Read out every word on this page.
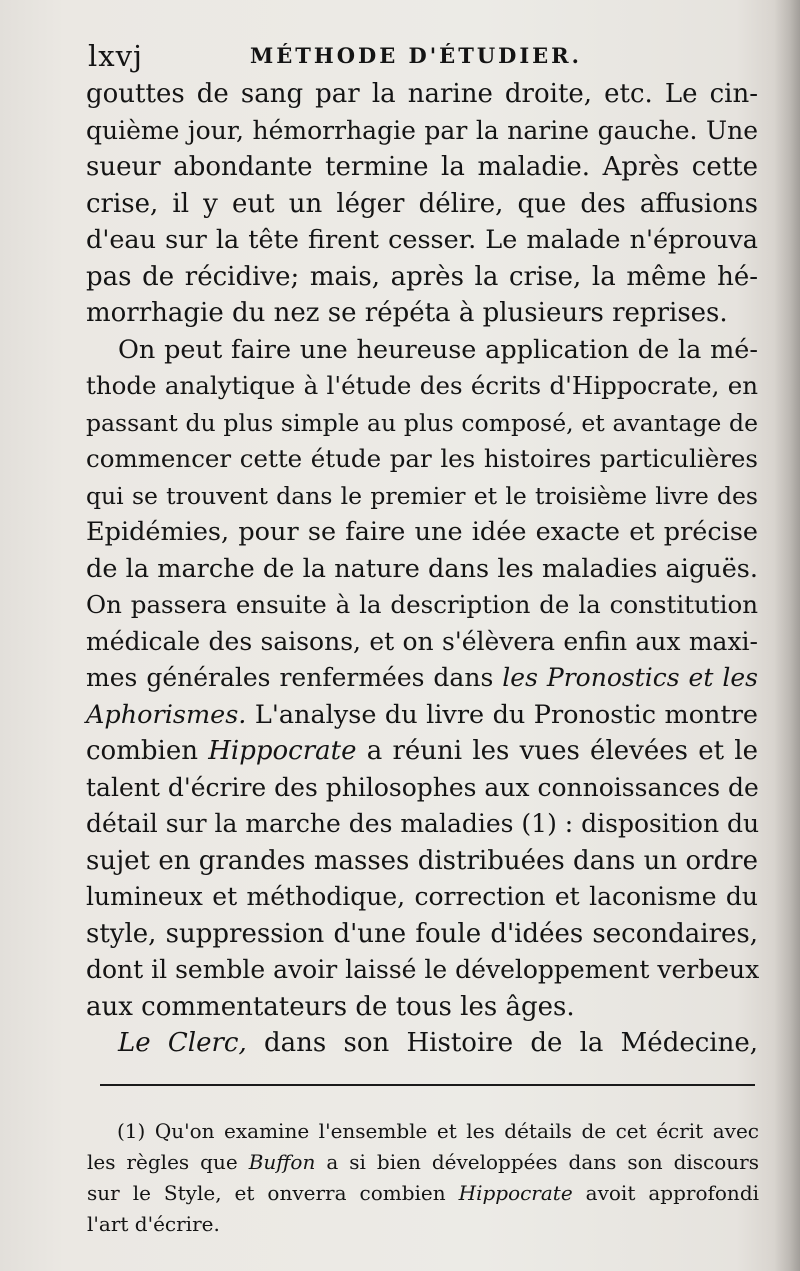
lxvj	MÉTHODE D'ÉTUDIER.
gouttes de sang par la narine droite, etc. Le cin-
quième jour, hémorrhagie par la narine gauche. Une
sueur abondante termine la maladie. Après cette
crise, il y eut un léger délire, que des affusions
d'eau sur la tête firent cesser. Le malade n'éprouva
pas de récidive; mais, après la crise, la même hé-
morrhagie du nez se répéta à plusieurs reprises.
On peut faire une heureuse application de la mé-
thode analytique à l'étude des écrits d'Hippocrate, en
passant du plus simple au plus composé, et avantage de
commencer cette étude par les histoires particulières
qui se trouvent dans le premier et le troisième livre des
Epidémies, pour se faire une idée exacte et précise
de la marche de la nature dans les maladies aiguës.
On passera ensuite à la description de la constitution
médicale des saisons, et on s'élèvera enfin aux maxi-
mes générales renfermées dans les Pronostics et les
Aphorismes. L'analyse du livre du Pronostic montre
combien Hippocrate a réuni les vues élevées et le
talent d'écrire des philosophes aux connoissances de
détail sur la marche des maladies (1) : disposition du
sujet en grandes masses distribuées dans un ordre
lumineux et méthodique, correction et laconisme du
style, suppression d'une foule d'idées secondaires,
dont il semble avoir laissé le développement verbeux
aux commentateurs de tous les âges.
Le Clerc, dans son Histoire de la Médecine,
(1) Qu'on examine l'ensemble et les détails de cet écrit avec
les règles que Buffon a si bien développées dans son discours
sur le Style, et onverra combien Hippocrate avoit approfondi
l'art d'écrire.
